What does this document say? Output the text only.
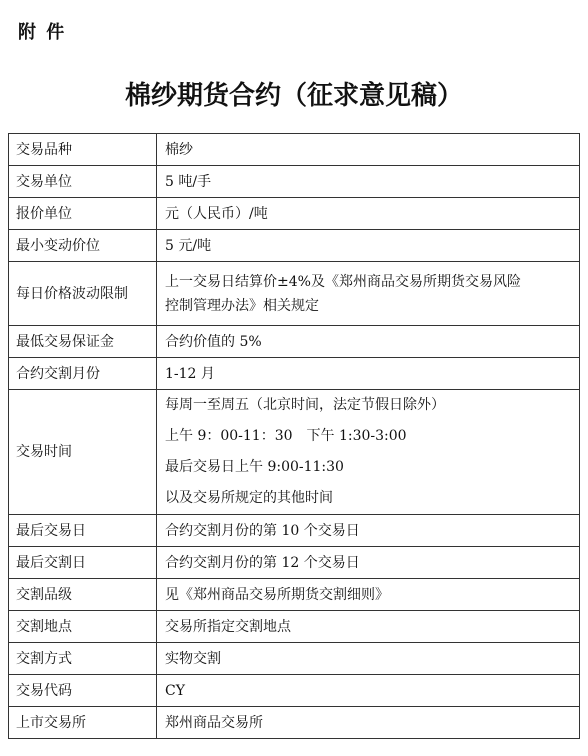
附 件
棉纱期货合约（征求意见稿）
交易品种	棉纱

交易单位	5 吨/手

报价单位	元（人民币）/吨

最小变动价位	5 元/吨

每日价格波动限制	上一交易日结算价±4%及《郑州商品交易所期货交易风险
控制管理办法》相关规定

最低交易保证金	合约价值的 5%

合约交割月份	1-12 月

交易时间	每周一至周五（北京时间，法定节假日除外）
上午 9：00-11：30　下午 1:30-3:00
最后交易日上午 9:00-11:30
以及交易所规定的其他时间

最后交易日	合约交割月份的第 10 个交易日

最后交割日	合约交割月份的第 12 个交易日

交割品级	见《郑州商品交易所期货交割细则》

交割地点	交易所指定交割地点

交割方式	实物交割

交易代码	CY

上市交易所	郑州商品交易所
